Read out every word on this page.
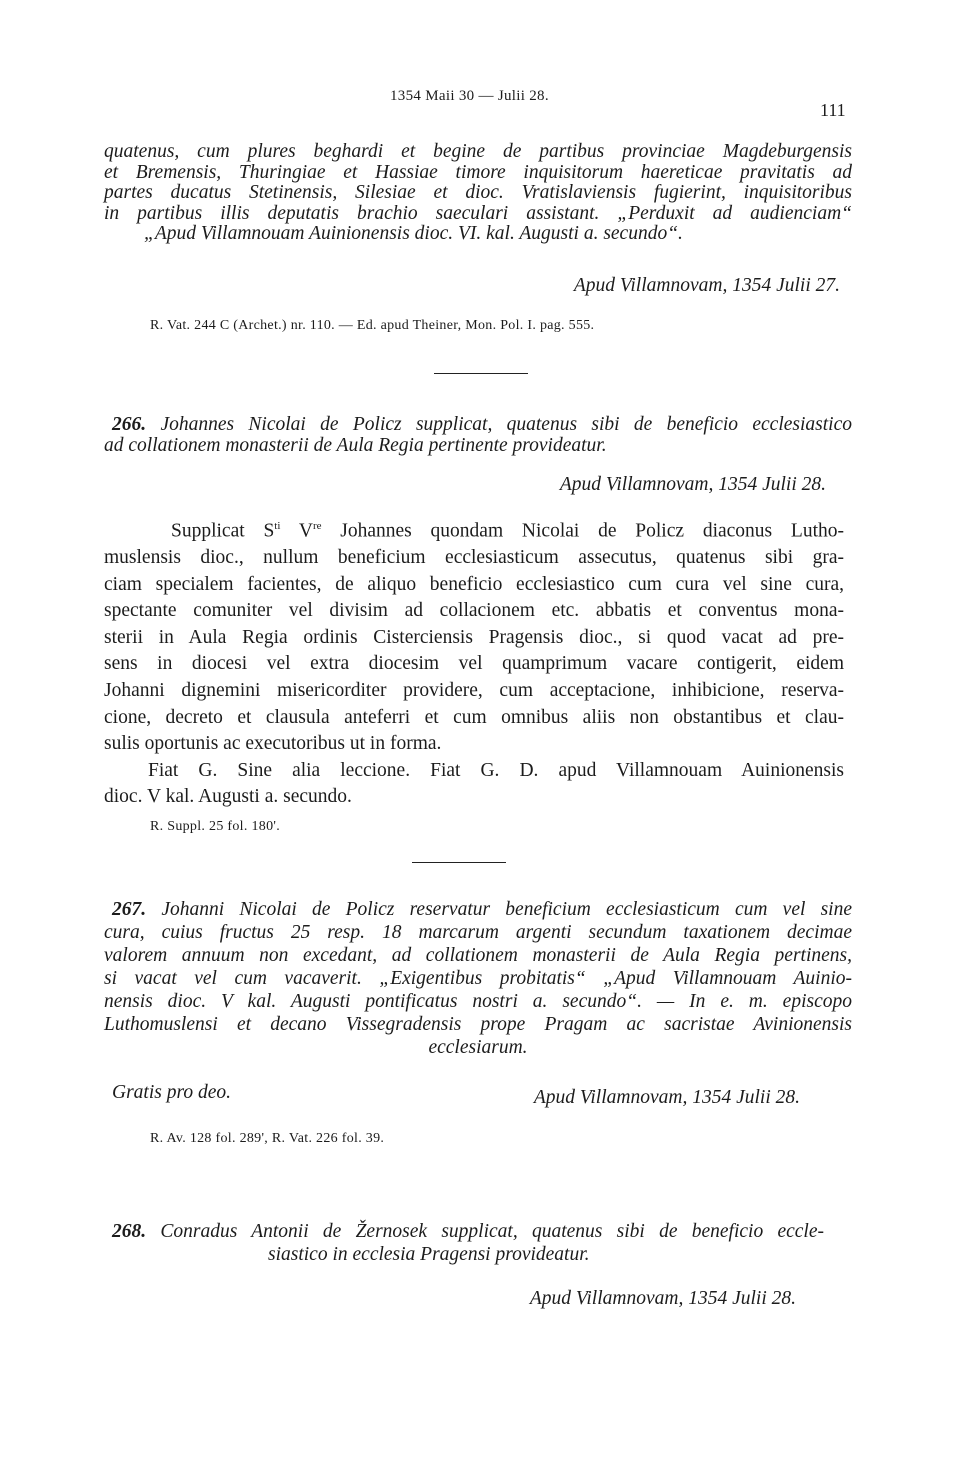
1354 Maii 30 — Julii 28.
111

quatenus, cum plures beghardi et begine de partibus provinciae Magdeburgensis

et Bremensis, Thuringiae et Hassiae timore inquisitorum haereticae pravitatis ad

partes ducatus Stetinensis, Silesiae et dioc. Vratislaviensis fugierint, inquisitoribus

in partibus illis deputatis brachio saeculari assistant. „Perduxit ad audienciam“

„Apud Villamnouam Auinionensis dioc. VI. kal. Augusti a. secundo“.

Apud Villamnovam, 1354 Julii 27.
R. Vat. 244 C (Archet.) nr. 110. — Ed. apud Theiner, Mon. Pol. I. pag. 555.

266. Johannes Nicolai de Policz supplicat, quatenus sibi de beneficio ecclesiastico

ad collationem monasterii de Aula Regia pertinente provideatur.

Apud Villamnovam, 1354 Julii 28.
Supplicat $S^{ti}$ Vre Johannes quondam Nicolai de Policz diaconus Lutho-
muslensis dioc., nullum beneficium ecclesiasticum assecutus, quatenus sibi gra-
ciam specialem facientes, de aliquo beneficio ecclesiastico cum cura vel sine cura,
spectante comuniter vel divisim ad collacionem etc. abbatis et conventus mona-
sterii in Aula Regia ordinis Cisterciensis Pragensis dioc., si quod vacat ad pre-
sens in diocesi vel extra diocesim vel quamprimum vacare contigerit, eidem
Johanni dignemini misericorditer providere, cum acceptacione, inhibicione, reserva-
cione, decreto et clausula anteferri et cum omnibus aliis non obstantibus et clau-
sulis oportunis ac executoribus ut in forma.
Fiat G. Sine alia leccione. Fiat G. D. apud Villamnouam Auinionensis
dioc. V kal. Augusti a. secundo.
R. Suppl. 25 fol. 180'.

267. Johanni Nicolai de Policz reservatur beneficium ecclesiasticum cum vel sine

cura, cuius fructus 25 resp. 18 marcarum argenti secundum taxationem decimae

valorem annuum non excedant, ad collationem monasterii de Aula Regia pertinens,

si vacat vel cum vacaverit. „Exigentibus probitatis“ „Apud Villamnouam Auinio-

nensis dioc. V kal. Augusti pontificatus nostri a. secundo“. — In e. m. episcopo

Luthomuslensi et decano Vissegradensis prope Pragam ac sacristae Avinionensis

ecclesiarum.

Gratis pro deo.	Apud Villamnovam, 1354 Julii 28.
R. Av. 128 fol. 289', R. Vat. 226 fol. 39.

268. Conradus Antonii de Žernosek supplicat, quatenus sibi de beneficio eccle-

siastico in ecclesia Pragensi provideatur.

Apud Villamnovam, 1354 Julii 28.
